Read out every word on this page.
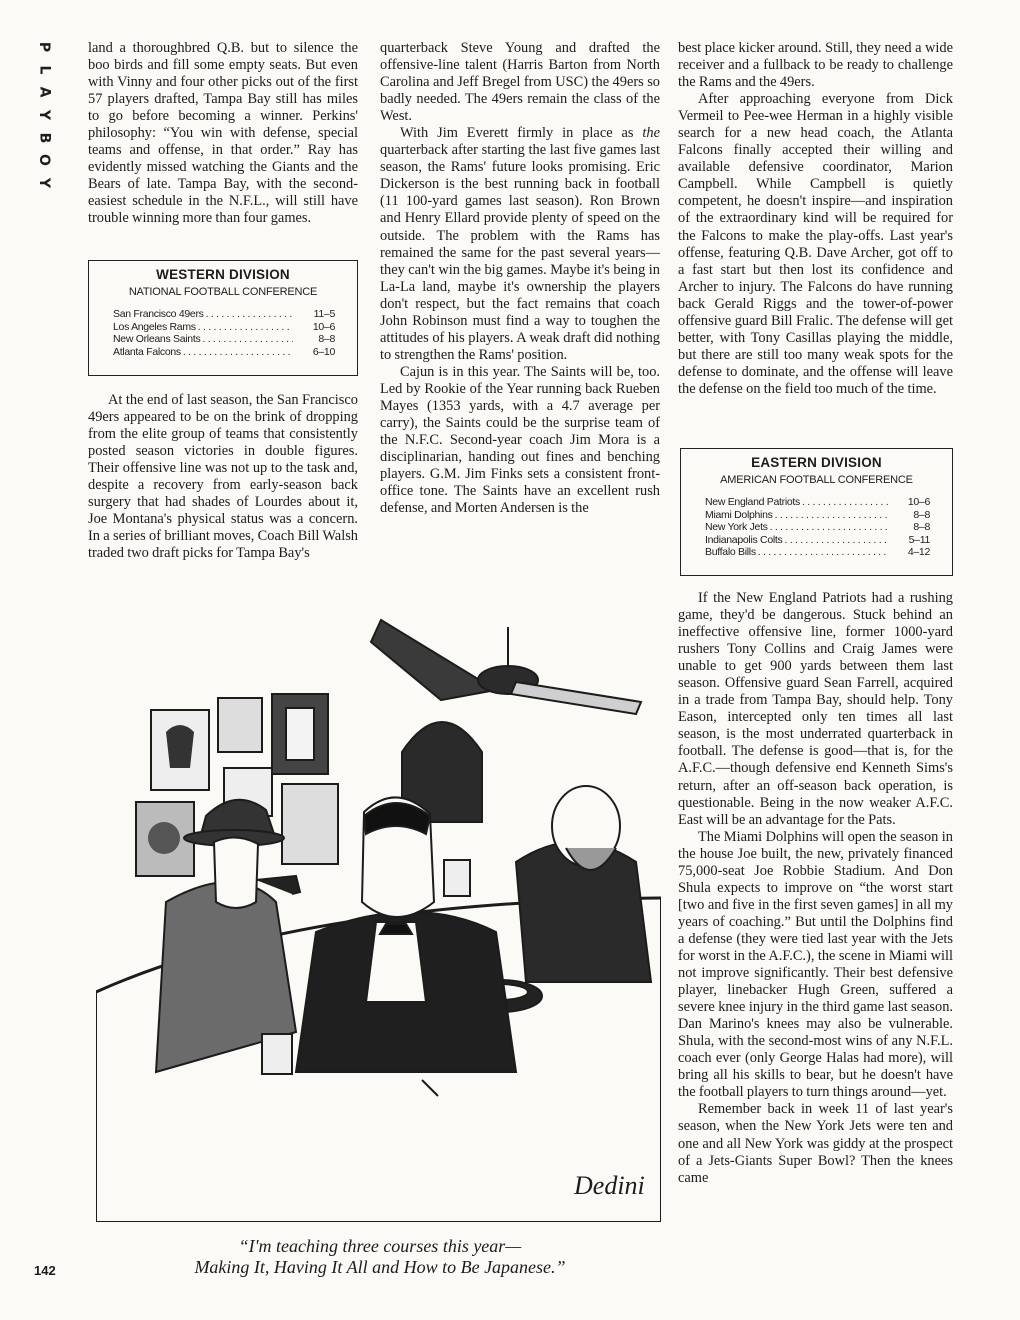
P
L
A
Y
B
O
Y

land a thoroughbred Q.B. but to silence the boo birds and fill some empty seats. But even with Vinny and four other picks out of the first 57 players drafted, Tampa Bay still has miles to go before becoming a winner. Perkins' philosophy: “You win with defense, special teams and offense, in that order.” Ray has evidently missed watching the Giants and the Bears of late. Tampa Bay, with the second-easiest schedule in the N.F.L., will still have trouble winning more than four games.

WESTERN DIVISION
NATIONAL FOOTBALL CONFERENCE
San Francisco 49ers . . .	11–5
Los Angeles Rams . . .	10–6
New Orleans Saints . . .	8–8
Atlanta Falcons . . .	6–10

At the end of last season, the San Francisco 49ers appeared to be on the brink of dropping from the elite group of teams that consistently posted season victories in double figures. Their offensive line was not up to the task and, despite a recovery from early-season back surgery that had shades of Lourdes about it, Joe Montana's physical status was a concern. In a series of brilliant moves, Coach Bill Walsh traded two draft picks for Tampa Bay's

quarterback Steve Young and drafted the offensive-line talent (Harris Barton from North Carolina and Jeff Bregel from USC) the 49ers so badly needed. The 49ers remain the class of the West.

With Jim Everett firmly in place as the quarterback after starting the last five games last season, the Rams' future looks promising. Eric Dickerson is the best running back in football (11 100-yard games last season). Ron Brown and Henry Ellard provide plenty of speed on the outside. The problem with the Rams has remained the same for the past several years—they can't win the big games. Maybe it's being in La-La land, maybe it's ownership the players don't respect, but the fact remains that coach John Robinson must find a way to toughen the attitudes of his players. A weak draft did nothing to strengthen the Rams' position.

Cajun is in this year. The Saints will be, too. Led by Rookie of the Year running back Rueben Mayes (1353 yards, with a 4.7 average per carry), the Saints could be the surprise team of the N.F.C. Second-year coach Jim Mora is a disciplinarian, handing out fines and benching players. G.M. Jim Finks sets a consistent front-office tone. The Saints have an excellent rush defense, and Morten Andersen is the

best place kicker around. Still, they need a wide receiver and a fullback to be ready to challenge the Rams and the 49ers.

After approaching everyone from Dick Vermeil to Pee-wee Herman in a highly visible search for a new head coach, the Atlanta Falcons finally accepted their willing and available defensive coordinator, Marion Campbell. While Campbell is quietly competent, he doesn't inspire—and inspiration of the extraordinary kind will be required for the Falcons to make the play-offs. Last year's offense, featuring Q.B. Dave Archer, got off to a fast start but then lost its confidence and Archer to injury. The Falcons do have running back Gerald Riggs and the tower-of-power offensive guard Bill Fralic. The defense will get better, with Tony Casillas playing the middle, but there are still too many weak spots for the defense to dominate, and the offense will leave the defense on the field too much of the time.

EASTERN DIVISION
AMERICAN FOOTBALL CONFERENCE
New England Patriots . . .	10–6
Miami Dolphins . . .	8–8
New York Jets . . .	8–8
Indianapolis Colts . . .	5–11
Buffalo Bills . . .	4–12

If the New England Patriots had a rushing game, they'd be dangerous. Stuck behind an ineffective offensive line, former 1000-yard rushers Tony Collins and Craig James were unable to get 900 yards between them last season. Offensive guard Sean Farrell, acquired in a trade from Tampa Bay, should help. Tony Eason, intercepted only ten times all last season, is the most underrated quarterback in football. The defense is good—that is, for the A.F.C.—though defensive end Kenneth Sims's return, after an off-season back operation, is questionable. Being in the now weaker A.F.C. East will be an advantage for the Pats.

The Miami Dolphins will open the season in the house Joe built, the new, privately financed 75,000-seat Joe Robbie Stadium. And Don Shula expects to improve on “the worst start [two and five in the first seven games] in all my years of coaching.” But until the Dolphins find a defense (they were tied last year with the Jets for worst in the A.F.C.), the scene in Miami will not improve significantly. Their best defensive player, linebacker Hugh Green, suffered a severe knee injury in the third game last season. Dan Marino's knees may also be vulnerable. Shula, with the second-most wins of any N.F.L. coach ever (only George Halas had more), will bring all his skills to bear, but he doesn't have the football players to turn things around—yet.

Remember back in week 11 of last year's season, when the New York Jets were ten and one and all New York was giddy at the prospect of a Jets-Giants Super Bowl? Then the knees came

Dedini
“I'm teaching three courses this year—
Making It, Having It All and How to Be Japanese.”
142
